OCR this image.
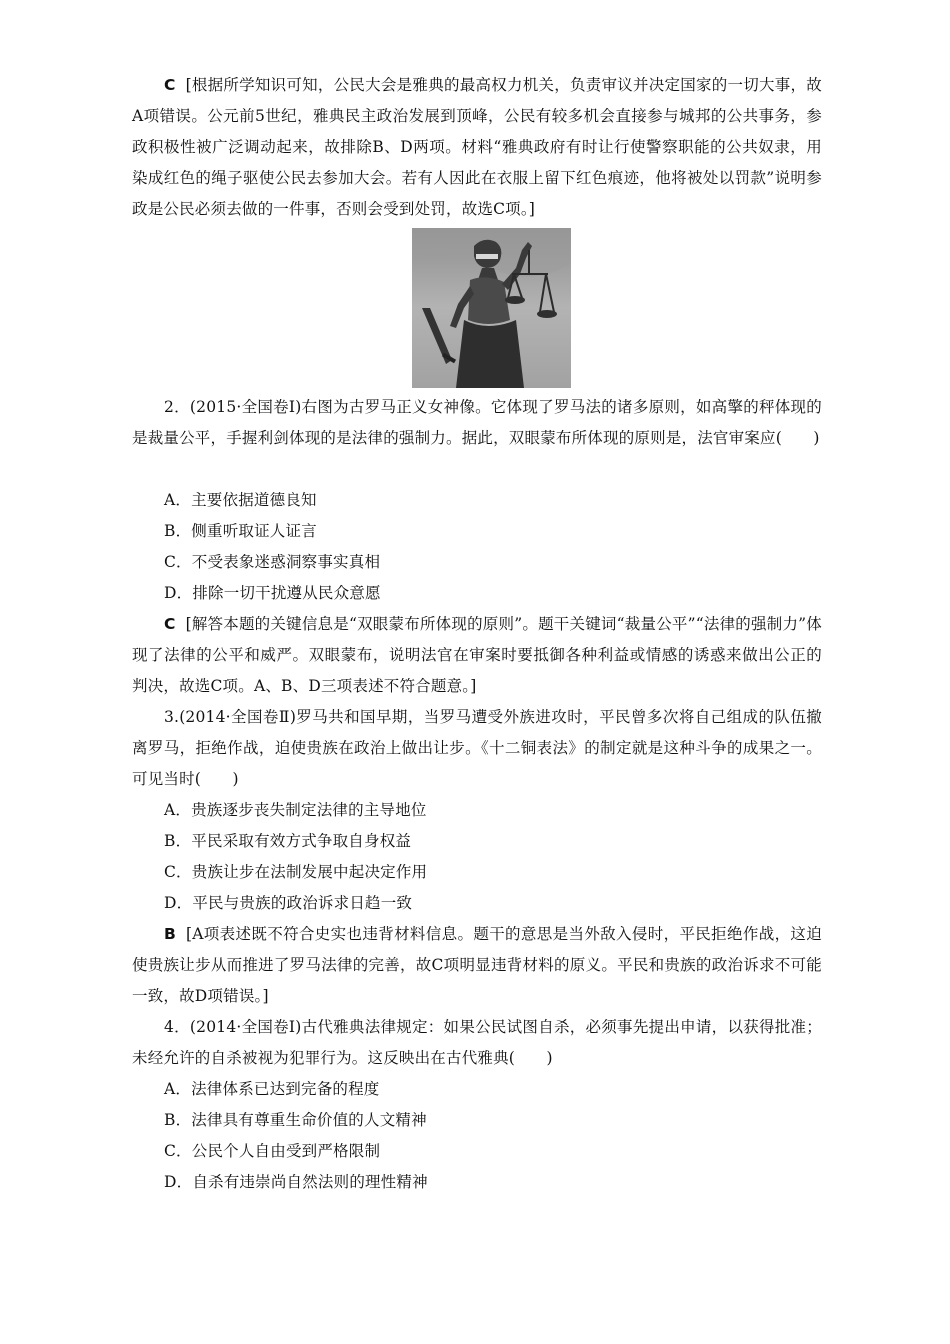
C [根据所学知识可知，公民大会是雅典的最高权力机关，负责审议并决定国家的一切大事，故A项错误。公元前5世纪，雅典民主政治发展到顶峰，公民有较多机会直接参与城邦的公共事务，参政积极性被广泛调动起来，故排除B、D两项。材料“雅典政府有时让行使警察职能的公共奴隶，用染成红色的绳子驱使公民去参加大会。若有人因此在衣服上留下红色痕迹，他将被处以罚款”说明参政是公民必须去做的一件事，否则会受到处罚，故选C项。]

2．(2015·全国卷Ⅰ)右图为古罗马正义女神像。它体现了罗马法的诸多原则，如高擎的秤体现的是裁量公平，手握利剑体现的是法律的强制力。据此，双眼蒙布所体现的原则是，法官审案应(　　)

A．主要依据道德良知

B．侧重听取证人证言

C．不受表象迷惑洞察事实真相

D．排除一切干扰遵从民众意愿

C [解答本题的关键信息是“双眼蒙布所体现的原则”。题干关键词“裁量公平”“法律的强制力”体现了法律的公平和威严。双眼蒙布，说明法官在审案时要抵御各种利益或情感的诱惑来做出公正的判决，故选C项。A、B、D三项表述不符合题意。]

3.(2014·全国卷Ⅱ)罗马共和国早期，当罗马遭受外族进攻时，平民曾多次将自己组成的队伍撤离罗马，拒绝作战，迫使贵族在政治上做出让步。《十二铜表法》的制定就是这种斗争的成果之一。可见当时(　　)

A．贵族逐步丧失制定法律的主导地位

B．平民采取有效方式争取自身权益

C．贵族让步在法制发展中起决定作用

D．平民与贵族的政治诉求日趋一致

B [A项表述既不符合史实也违背材料信息。题干的意思是当外敌入侵时，平民拒绝作战，这迫使贵族让步从而推进了罗马法律的完善，故C项明显违背材料的原义。平民和贵族的政治诉求不可能一致，故D项错误。]

4．(2014·全国卷Ⅰ)古代雅典法律规定：如果公民试图自杀，必须事先提出申请，以获得批准；未经允许的自杀被视为犯罪行为。这反映出在古代雅典(　　)

A．法律体系已达到完备的程度

B．法律具有尊重生命价值的人文精神

C．公民个人自由受到严格限制

D．自杀有违崇尚自然法则的理性精神
